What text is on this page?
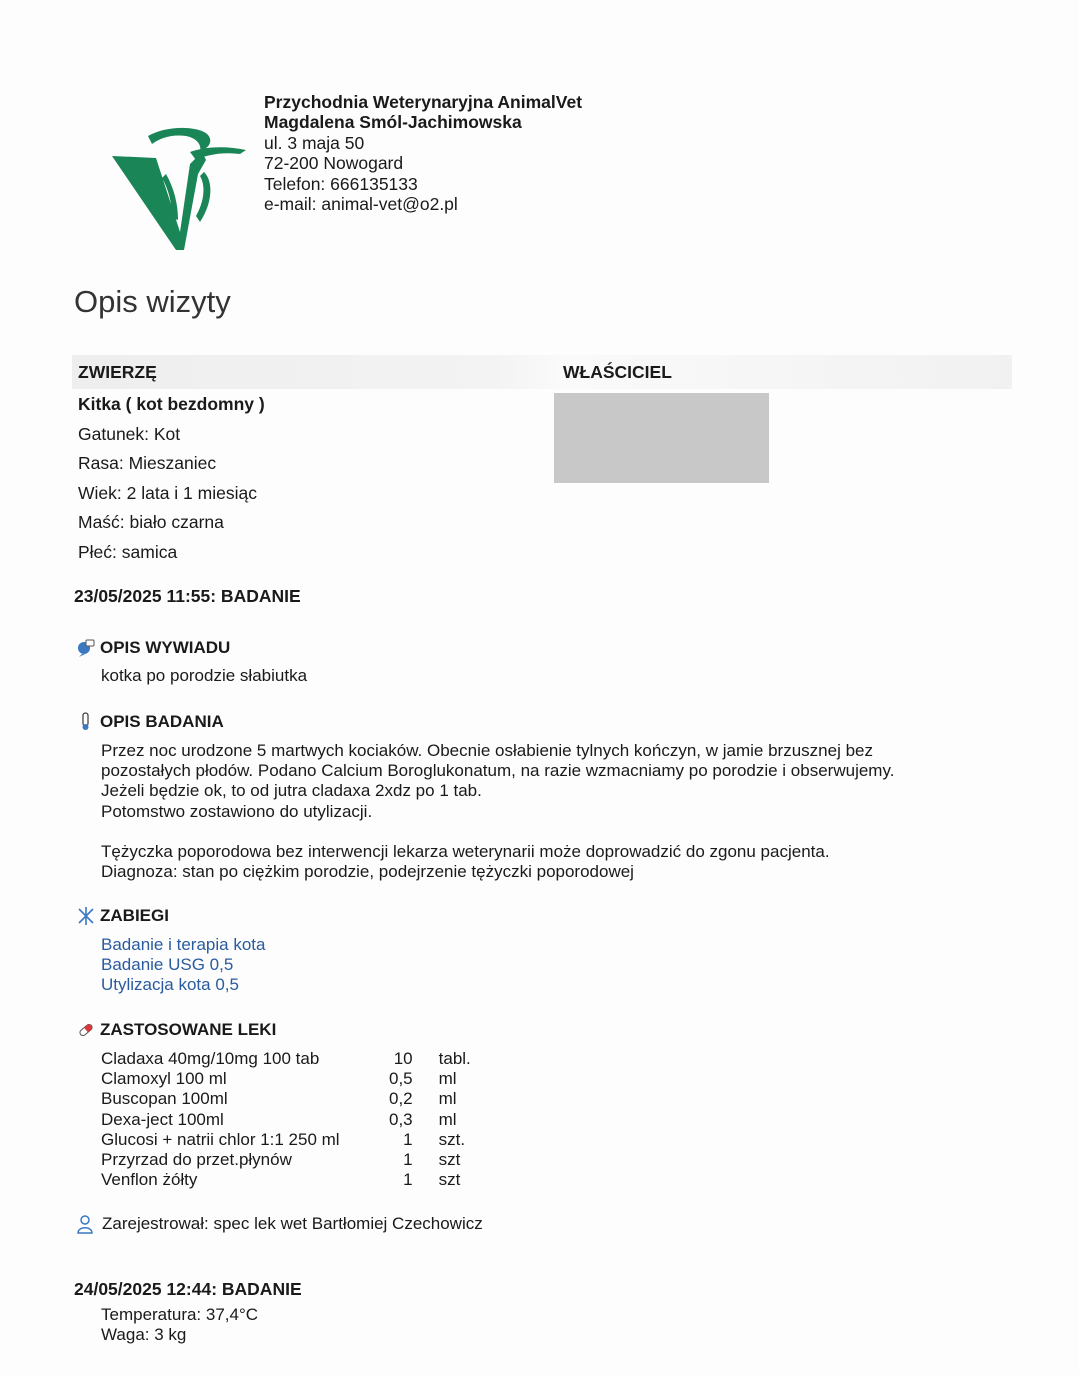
Przychodnia Weterynaryjna AnimalVet
Magdalena Smól-Jachimowska
ul. 3 maja 50
72-200 Nowogard
Telefon: 666135133
e-mail: animal-vet@o2.pl
Opis wizyty
ZWIERZĘ	WŁAŚCICIEL
Kitka ( kot bezdomny )
Gatunek: Kot
Rasa: Mieszaniec
Wiek: 2 lata i 1 miesiąc
Maść: biało czarna
Płeć: samica
23/05/2025 11:55: BADANIE
OPIS WYWIADU
kotka po porodzie słabiutka
OPIS BADANIA
Przez noc urodzone 5 martwych kociaków. Obecnie osłabienie tylnych kończyn, w jamie brzusznej bez
pozostałych płodów. Podano Calcium Boroglukonatum, na razie wzmacniamy po porodzie i obserwujemy.
Jeżeli będzie ok, to od jutra cladaxa 2xdz po 1 tab.
Potomstwo zostawiono do utylizacji.
Tężyczka poporodowa bez interwencji lekarza weterynarii może doprowadzić do zgonu pacjenta.
Diagnoza: stan po ciężkim porodzie, podejrzenie tężyczki poporodowej
ZABIEGI
Badanie i terapia kota
Badanie USG 0,5
Utylizacja kota 0,5
ZASTOSOWANE LEKI
Cladaxa 40mg/10mg 100 tab	10	tabl.
Clamoxyl 100 ml	0,5	ml
Buscopan 100ml	0,2	ml
Dexa-ject 100ml	0,3	ml
Glucosi + natrii chlor 1:1 250 ml	1	szt.
Przyrzad do przet.płynów	1	szt
Venflon żółty	1	szt
Zarejestrował: spec lek wet Bartłomiej Czechowicz
24/05/2025 12:44: BADANIE
Temperatura: 37,4°C
Waga: 3 kg
